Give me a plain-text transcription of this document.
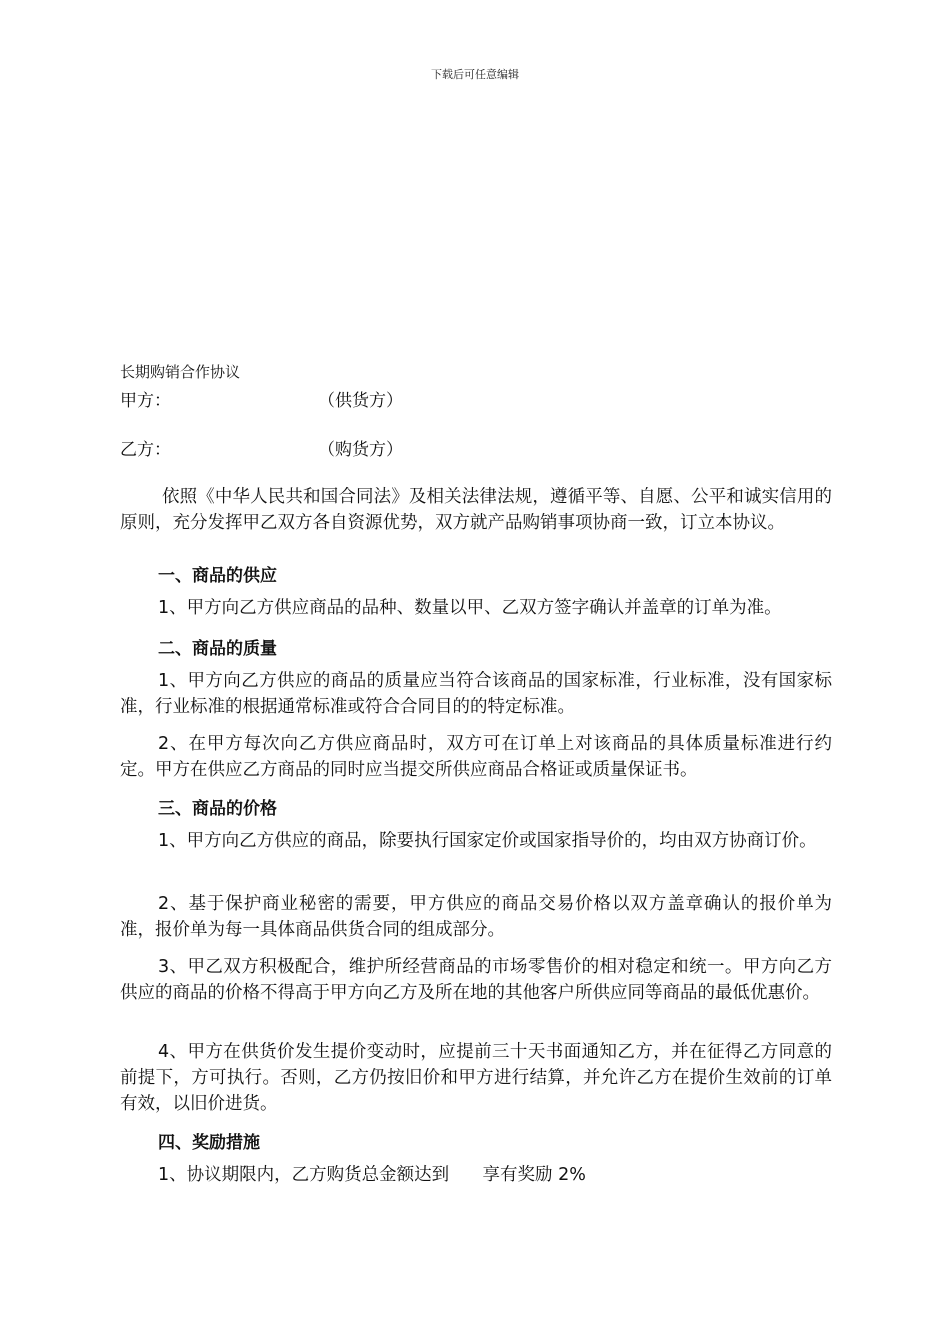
下载后可任意编辑
长期购销合作协议
甲方：	（供货方）
乙方：	（购货方）
依照《中华人民共和国合同法》及相关法律法规，遵循平等、自愿、公平和诚实信用的原则，充分发挥甲乙双方各自资源优势，双方就产品购销事项协商一致，订立本协议。
一、商品的供应
1、甲方向乙方供应商品的品种、数量以甲、乙双方签字确认并盖章的订单为准。
二、商品的质量
1、甲方向乙方供应的商品的质量应当符合该商品的国家标准，行业标准，没有国家标准，行业标准的根据通常标准或符合合同目的的特定标准。
2、在甲方每次向乙方供应商品时，双方可在订单上对该商品的具体质量标准进行约定。甲方在供应乙方商品的同时应当提交所供应商品合格证或质量保证书。
三、商品的价格
1、甲方向乙方供应的商品，除要执行国家定价或国家指导价的，均由双方协商订价。
2、基于保护商业秘密的需要，甲方供应的商品交易价格以双方盖章确认的报价单为准，报价单为每一具体商品供货合同的组成部分。
3、甲乙双方积极配合，维护所经营商品的市场零售价的相对稳定和统一。甲方向乙方供应的商品的价格不得高于甲方向乙方及所在地的其他客户所供应同等商品的最低优惠价。
4、甲方在供货价发生提价变动时，应提前三十天书面通知乙方，并在征得乙方同意的前提下，方可执行。否则，乙方仍按旧价和甲方进行结算，并允许乙方在提价生效前的订单有效，以旧价进货。
四、奖励措施
1、协议期限内，乙方购货总金额达到      享有奖励 2%
